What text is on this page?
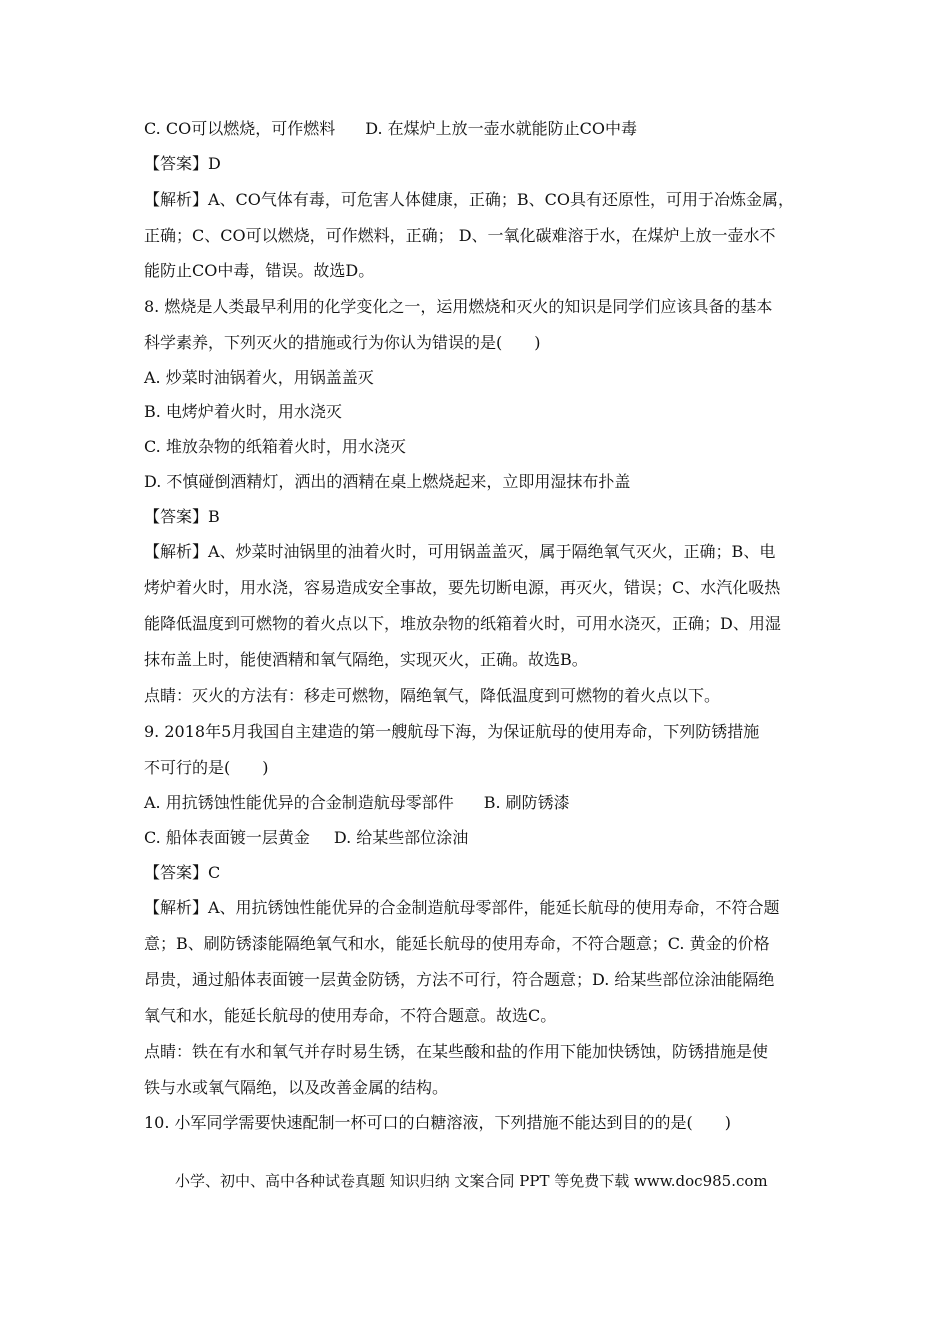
C. CO可以燃烧，可作燃料 D. 在煤炉上放一壶水就能防止CO中毒
【答案】D
【解析】A、CO气体有毒，可危害人体健康，正确；B、CO具有还原性，可用于冶炼金属，
正确；C、CO可以燃烧，可作燃料，正确； D、一氧化碳难溶于水，在煤炉上放一壶水不
能防止CO中毒，错误。故选D。
8. 燃烧是人类最早利用的化学变化之一，运用燃烧和灭火的知识是同学们应该具备的基本
科学素养，下列灭火的措施或行为你认为错误的是(　　)
A. 炒菜时油锅着火，用锅盖盖灭
B. 电烤炉着火时，用水浇灭
C. 堆放杂物的纸箱着火时，用水浇灭
D. 不慎碰倒酒精灯，洒出的酒精在桌上燃烧起来，立即用湿抹布扑盖
【答案】B
【解析】A、炒菜时油锅里的油着火时，可用锅盖盖灭，属于隔绝氧气灭火，正确；B、电
烤炉着火时，用水浇，容易造成安全事故，要先切断电源，再灭火，错误；C、水汽化吸热
能降低温度到可燃物的着火点以下，堆放杂物的纸箱着火时，可用水浇灭，正确；D、用湿
抹布盖上时，能使酒精和氧气隔绝，实现灭火，正确。故选B。
点睛：灭火的方法有：移走可燃物，隔绝氧气，降低温度到可燃物的着火点以下。
9. 2018年5月我国自主建造的第一艘航母下海，为保证航母的使用寿命，下列防锈措施
不可行的是(　　)
A. 用抗锈蚀性能优异的合金制造航母零部件 B. 刷防锈漆
C. 船体表面镀一层黄金 D. 给某些部位涂油
【答案】C
【解析】A、用抗锈蚀性能优异的合金制造航母零部件，能延长航母的使用寿命，不符合题
意；B、刷防锈漆能隔绝氧气和水，能延长航母的使用寿命，不符合题意；C. 黄金的价格
昂贵，通过船体表面镀一层黄金防锈，方法不可行，符合题意；D. 给某些部位涂油能隔绝
氧气和水，能延长航母的使用寿命，不符合题意。故选C。
点睛：铁在有水和氧气并存时易生锈，在某些酸和盐的作用下能加快锈蚀，防锈措施是使
铁与水或氧气隔绝，以及改善金属的结构。
10. 小军同学需要快速配制一杯可口的白糖溶液，下列措施不能达到目的的是(　　)
小学、初中、高中各种试卷真题 知识归纳 文案合同 PPT 等免费下载 www.doc985.com
